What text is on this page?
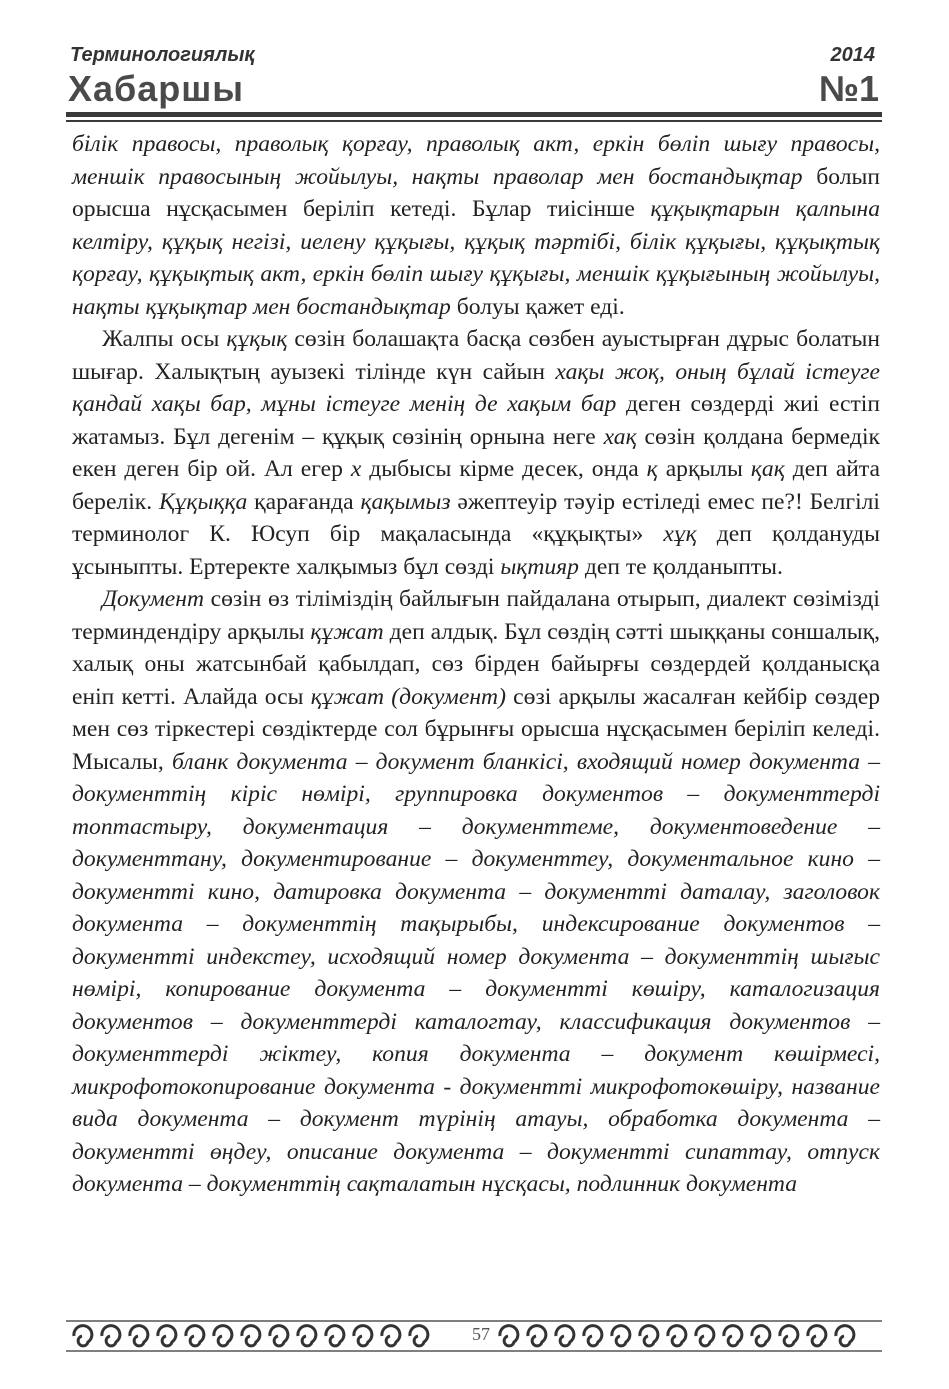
Терминологиялық
Хабаршы
2014
№1

білік правосы, праволық қорғау, праволық акт, еркін бөліп шығу правосы, меншік правосының жойылуы, нақты праволар мен бостандықтар болып орысша нұсқасымен беріліп кетеді. Бұлар тиісінше құқықтарын қалпына келтіру, құқық негізі, иелену құқығы, құқық тәртібі, білік құқығы, құқықтық қорғау, құқықтық акт, еркін бөліп шығу құқығы, меншік құқығының жойылуы, нақты құқықтар мен бостандықтар болуы қажет еді.

Жалпы осы құқық сөзін болашақта басқа сөзбен ауыстырған дұрыс болатын шығар. Халықтың ауызекі тілінде күн сайын хақы жоқ, оның бұлай істеуге қандай хақы бар, мұны істеуге менің де хақым бар деген сөздерді жиі естіп жатамыз. Бұл дегенім – құқық сөзінің орнына неге хақ сөзін қолдана бермедік екен деген бір ой. Ал егер х дыбысы кірме десек, онда қ арқылы қақ деп айта берелік. Құқыққа қарағанда қақымыз әжептеуір тәуір естіледі емес пе?! Белгілі терминолог К. Юсуп бір мақаласында «құқықты» хұқ деп қолдануды ұсыныпты. Ертеректе халқымыз бұл сөзді ықтияр деп те қолданыпты.

Документ сөзін өз тіліміздің байлығын пайдалана отырып, диалект сөзімізді терминдендіру арқылы құжат деп алдық. Бұл сөздің сәтті шыққаны соншалық, халық оны жатсынбай қабылдап, сөз бірден байырғы сөздердей қолданысқа еніп кетті. Алайда осы құжат (документ) сөзі арқылы жасалған кейбір сөздер мен сөз тіркестері сөздіктерде сол бұрынғы орысша нұсқасымен беріліп келеді. Мысалы, бланк документа – документ бланкісі, входящий номер документа – документтің кіріс нөмірі, группировка документов – документтерді топтастыру, документация – документтеме, документоведение – документтану, документирование – документтеу, документальное кино – документті кино, датировка документа – документті даталау, заголовок документа – документтің тақырыбы, индексирование документов – документті индекстеу, исходящий номер документа – документтің шығыс нөмірі, копирование документа – документті көшіру, каталогизация документов – документтерді каталогтау, классификация документов – документтерді жіктеу, копия документа – документ көшірмесі, микрофотокопирование документа - документті микрофотокөшіру, название вида документа – документ түрінің атауы, обработка документа – документті өңдеу, описание документа – документті сипаттау, отпуск документа – документтің сақталатын нұсқасы, подлинник документа

57
